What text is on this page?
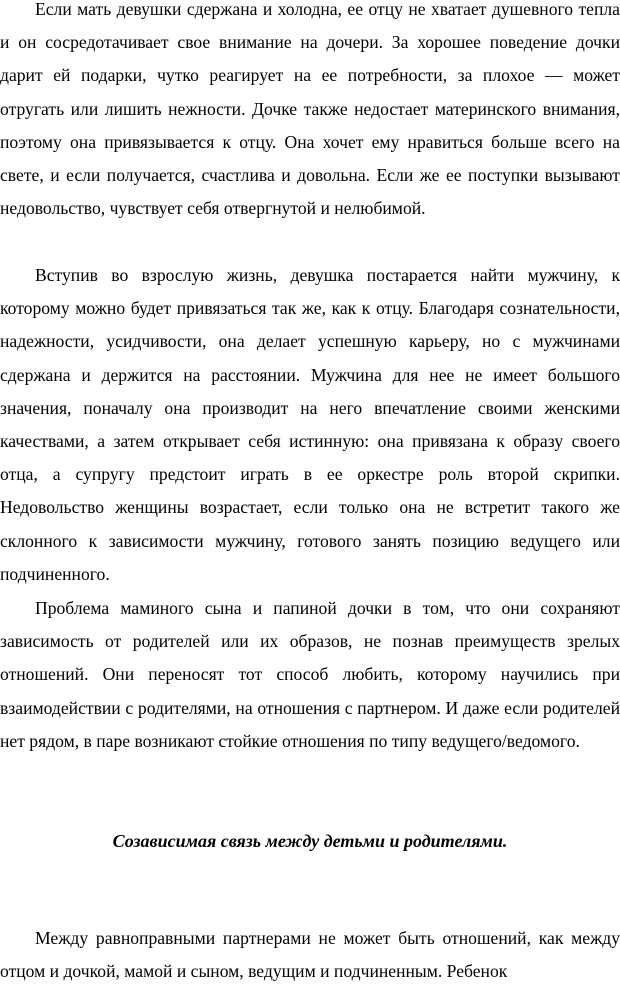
Если мать девушки сдержана и холодна, ее отцу не хватает душевного тепла и он сосредотачивает свое внимание на дочери. За хорошее поведение дочки дарит ей подарки, чутко реагирует на ее потребности, за плохое — может отругать или лишить нежности. Дочке также недостает материнского внимания, поэтому она привязывается к отцу. Она хочет ему нравиться больше всего на свете, и если получается, счастлива и довольна. Если же ее поступки вызывают недовольство, чувствует себя отвергнутой и нелюбимой.

Вступив во взрослую жизнь, девушка постарается найти мужчину, к которому можно будет привязаться так же, как к отцу. Благодаря сознательности, надежности, усидчивости, она делает успешную карьеру, но с мужчинами сдержана и держится на расстоянии. Мужчина для нее не имеет большого значения, поначалу она производит на него впечатление своими женскими качествами, а затем открывает себя истинную: она привязана к образу своего отца, а супругу предстоит играть в ее оркестре роль второй скрипки. Недовольство женщины возрастает, если только она не встретит такого же склонного к зависимости мужчину, готового занять позицию ведущего или подчиненного.

Проблема маминого сына и папиной дочки в том, что они сохраняют зависимость от родителей или их образов, не познав преимуществ зрелых отношений. Они переносят тот способ любить, которому научились при взаимодействии с родителями, на отношения с партнером. И даже если родителей нет рядом, в паре возникают стойкие отношения по типу ведущего/ведомого.

Созависимая связь между детьми и родителями.

Между равноправными партнерами не может быть отношений, как между отцом и дочкой, мамой и сыном, ведущим и подчиненным. Ребенок
